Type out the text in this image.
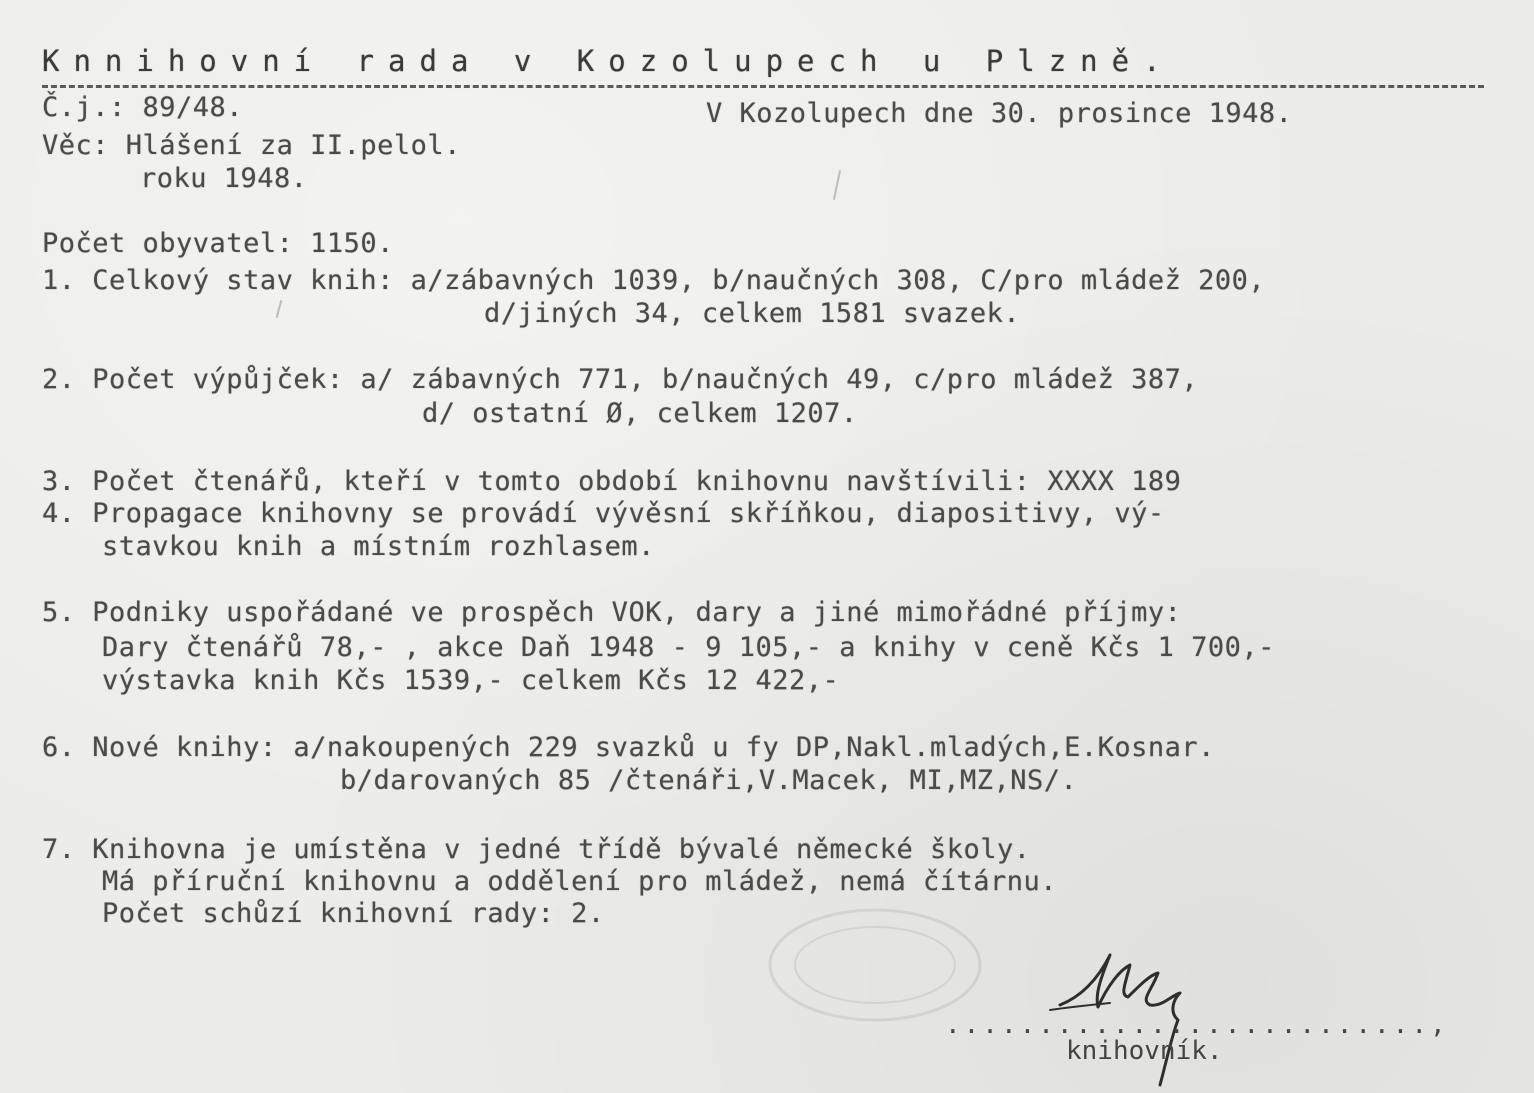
Knnihovní rada v Kozolupech u Plzně.
Č.j.: 89/48.	V Kozolupech dne 30. prosince 1948.
Věc: Hlášení za II.pelol.
roku 1948.
Počet obyvatel: 1150.
1. Celkový stav knih: a/zábavných 1039, b/naučných 308, C/pro mládež 200,
d/jiných 34, celkem 1581 svazek.
2. Počet výpůjček: a/ zábavných 771, b/naučných 49, c/pro mládež 387,
d/ ostatní Ø, celkem 1207.
3. Počet čtenářů, kteří v tomto období knihovnu navštívili: XXXX 189
4. Propagace knihovny se provádí vývěsní skříňkou, diapositivy, vý-
stavkou knih a místním rozhlasem.
5. Podniky uspořádané ve prospěch VOK, dary a jiné mimořádné příjmy:
Dary čtenářů 78,- , akce Daň 1948 - 9 105,- a knihy v ceně Kčs 1 700,-
výstavka knih Kčs 1539,- celkem Kčs 12 422,-
6. Nové knihy: a/nakoupených 229 svazků u fy DP,Nakl.mladých,E.Kosnar.
b/darovaných 85 /čtenáři,V.Macek, MI,MZ,NS/.
7. Knihovna je umístěna v jedné třídě bývalé německé školy.
Má příruční knihovnu a oddělení pro mládež, nemá čítárnu.
Počet schůzí knihovní rady: 2.
..........................,
knihovník.
